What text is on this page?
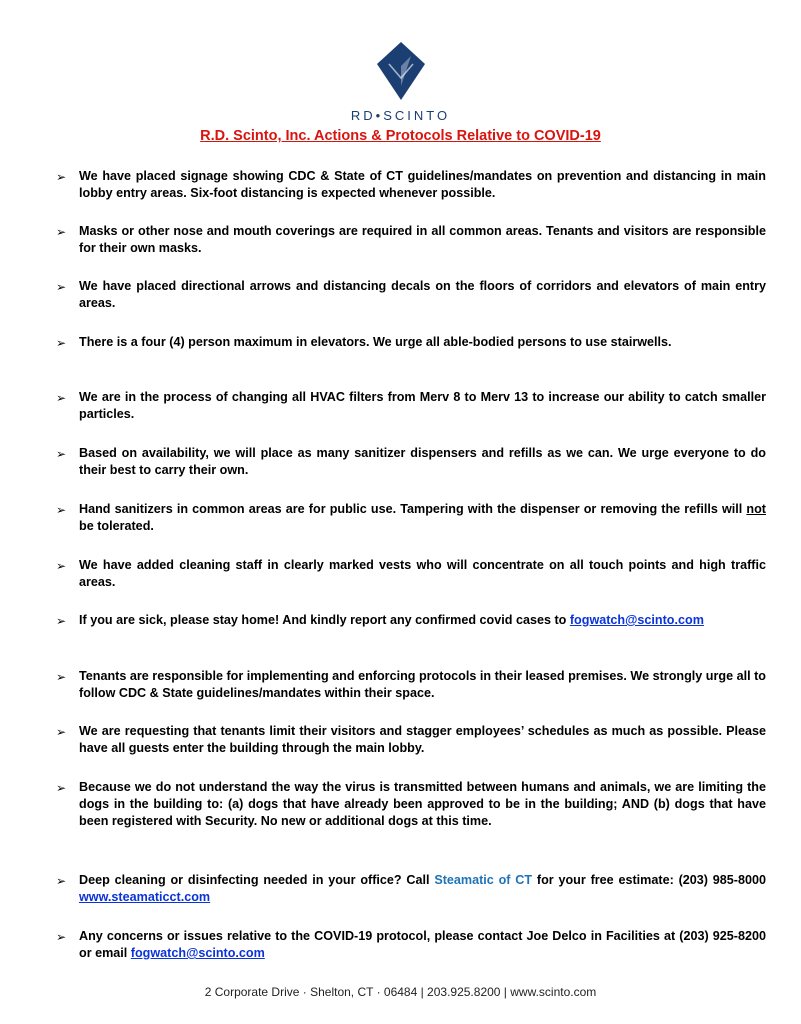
RD•SCINTO
R.D. Scinto, Inc. Actions & Protocols Relative to COVID-19
➢	We have placed signage showing CDC & State of CT guidelines/mandates on prevention and distancing in main lobby entry areas. Six-foot distancing is expected whenever possible.
➢	Masks or other nose and mouth coverings are required in all common areas. Tenants and visitors are responsible for their own masks.
➢	We have placed directional arrows and distancing decals on the floors of corridors and elevators of main entry areas.
➢	There is a four (4) person maximum in elevators. We urge all able-bodied persons to use stairwells.
➢	We are in the process of changing all HVAC filters from Merv 8 to Merv 13 to increase our ability to catch smaller particles.
➢	Based on availability, we will place as many sanitizer dispensers and refills as we can. We urge everyone to do their best to carry their own.
➢	Hand sanitizers in common areas are for public use. Tampering with the dispenser or removing the refills will not be tolerated.
➢	We have added cleaning staff in clearly marked vests who will concentrate on all touch points and high traffic areas.
➢	If you are sick, please stay home! And kindly report any confirmed covid cases to fogwatch@scinto.com
➢	Tenants are responsible for implementing and enforcing protocols in their leased premises. We strongly urge all to follow CDC & State guidelines/mandates within their space.
➢	We are requesting that tenants limit their visitors and stagger employees’ schedules as much as possible. Please have all guests enter the building through the main lobby.
➢	Because we do not understand the way the virus is transmitted between humans and animals, we are limiting the dogs in the building to: (a) dogs that have already been approved to be in the building; AND (b) dogs that have been registered with Security. No new or additional dogs at this time.
➢	Deep cleaning or disinfecting needed in your office? Call Steamatic of CT for your free estimate: (203) 985-8000 www.steamaticct.com
➢	Any concerns or issues relative to the COVID-19 protocol, please contact Joe Delco in Facilities at (203) 925-8200 or email fogwatch@scinto.com
2 Corporate Drive · Shelton, CT · 06484 | 203.925.8200 | www.scinto.com
